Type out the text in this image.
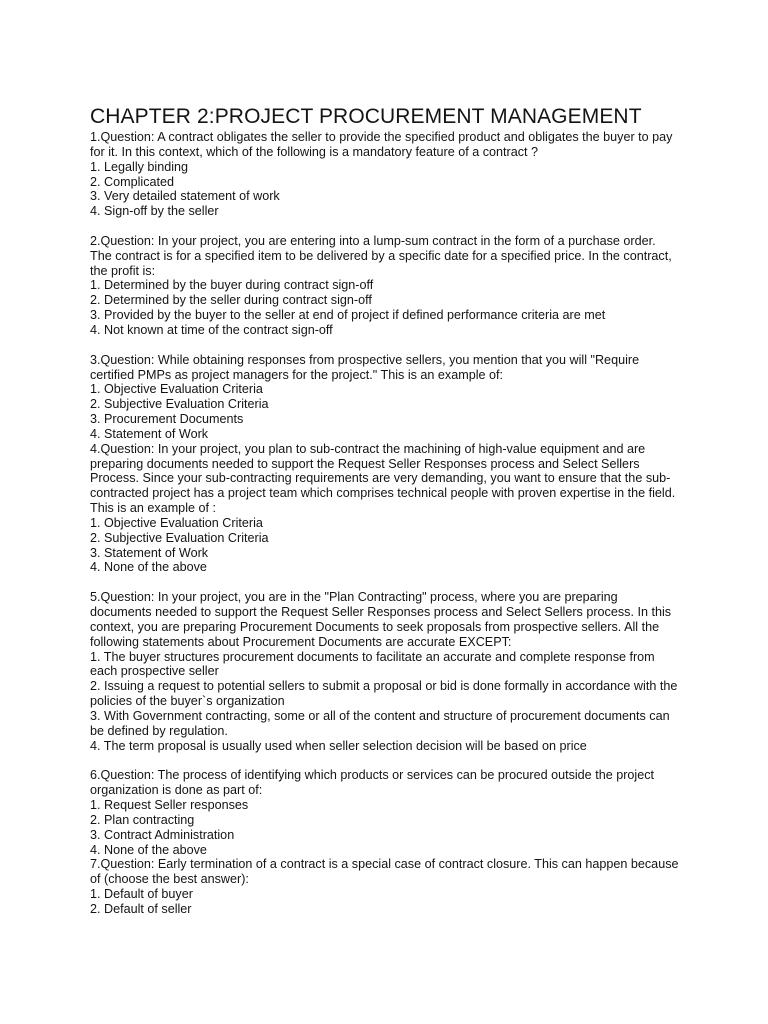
CHAPTER 2:PROJECT PROCUREMENT MANAGEMENT
1.Question: A contract obligates the seller to provide the specified product and obligates the buyer to pay
for it. In this context, which of the following is a mandatory feature of a contract ?
1. Legally binding
2. Complicated
3. Very detailed statement of work
4. Sign-off by the seller
2.Question: In your project, you are entering into a lump-sum contract in the form of a purchase order.
The contract is for a specified item to be delivered by a specific date for a specified price. In the contract,
the profit is:
1. Determined by the buyer during contract sign-off
2. Determined by the seller during contract sign-off
3. Provided by the buyer to the seller at end of project if defined performance criteria are met
4. Not known at time of the contract sign-off
3.Question: While obtaining responses from prospective sellers, you mention that you will "Require
certified PMPs as project managers for the project." This is an example of:
1. Objective Evaluation Criteria
2. Subjective Evaluation Criteria
3. Procurement Documents
4. Statement of Work
4.Question: In your project, you plan to sub-contract the machining of high-value equipment and are
preparing documents needed to support the Request Seller Responses process and Select Sellers
Process. Since your sub-contracting requirements are very demanding, you want to ensure that the sub-
contracted project has a project team which comprises technical people with proven expertise in the field.
This is an example of :
1. Objective Evaluation Criteria
2. Subjective Evaluation Criteria
3. Statement of Work
4. None of the above
5.Question: In your project, you are in the "Plan Contracting" process, where you are preparing
documents needed to support the Request Seller Responses process and Select Sellers process. In this
context, you are preparing Procurement Documents to seek proposals from prospective sellers. All the
following statements about Procurement Documents are accurate EXCEPT:
1. The buyer structures procurement documents to facilitate an accurate and complete response from
each prospective seller
2. Issuing a request to potential sellers to submit a proposal or bid is done formally in accordance with the
policies of the buyer`s organization
3. With Government contracting, some or all of the content and structure of procurement documents can
be defined by regulation.
4. The term proposal is usually used when seller selection decision will be based on price
6.Question: The process of identifying which products or services can be procured outside the project
organization is done as part of:
1. Request Seller responses
2. Plan contracting
3. Contract Administration
4. None of the above
7.Question: Early termination of a contract is a special case of contract closure. This can happen because
of (choose the best answer):
1. Default of buyer
2. Default of seller
